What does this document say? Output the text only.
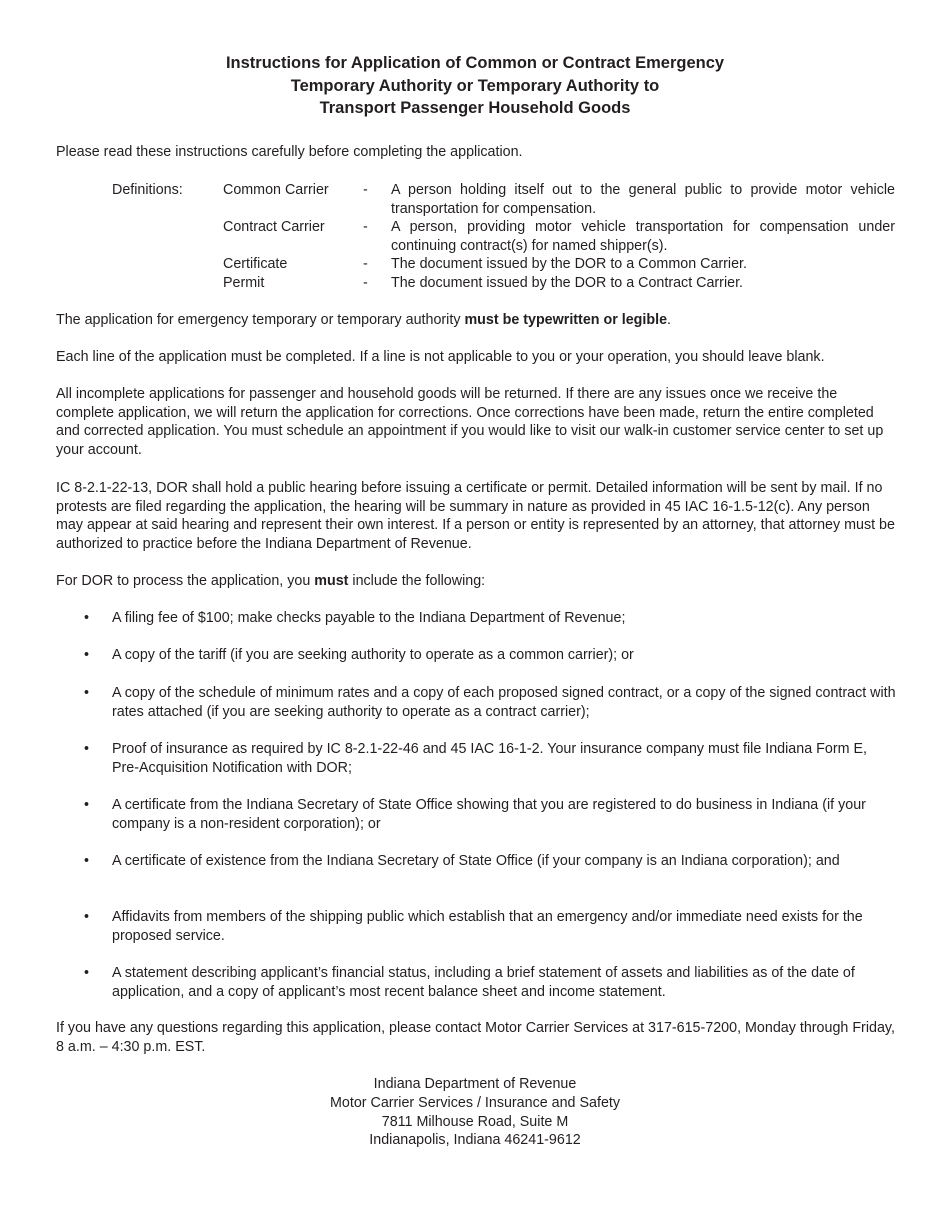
Instructions for Application of Common or Contract Emergency
Temporary Authority or Temporary Authority to
Transport Passenger Household Goods

Please read these instructions carefully before completing the application.

Definitions:	Common Carrier - A person holding itself out to the general public to provide motor vehicle transportation for compensation.
Contract Carrier	- A person, providing motor vehicle transportation for compensation under continuing contract(s) for named shipper(s).
Certificate	- The document issued by the DOR to a Common Carrier.
Permit	- The document issued by the DOR to a Contract Carrier.

The application for emergency temporary or temporary authority must be typewritten or legible.

Each line of the application must be completed. If a line is not applicable to you or your operation, you should leave blank.

All incomplete applications for passenger and household goods will be returned. If there are any issues once we receive the complete application, we will return the application for corrections. Once corrections have been made, return the entire completed and corrected application. You must schedule an appointment if you would like to visit our walk-in customer service center to set up your account.

IC 8-2.1-22-13, DOR shall hold a public hearing before issuing a certificate or permit. Detailed information will be sent by mail. If no protests are filed regarding the application, the hearing will be summary in nature as provided in 45 IAC 16-1.5-12(c). Any person may appear at said hearing and represent their own interest. If a person or entity is represented by an attorney, that attorney must be authorized to practice before the Indiana Department of Revenue.

For DOR to process the application, you must include the following:

• A filing fee of $100; make checks payable to the Indiana Department of Revenue;
• A copy of the tariff (if you are seeking authority to operate as a common carrier); or
• A copy of the schedule of minimum rates and a copy of each proposed signed contract, or a copy of the signed contract with rates attached (if you are seeking authority to operate as a contract carrier);
• Proof of insurance as required by IC 8-2.1-22-46 and 45 IAC 16-1-2. Your insurance company must file Indiana Form E, Pre-Acquisition Notification with DOR;
• A certificate from the Indiana Secretary of State Office showing that you are registered to do business in Indiana (if your company is a non-resident corporation); or
• A certificate of existence from the Indiana Secretary of State Office (if your company is an Indiana corporation); and
• Affidavits from members of the shipping public which establish that an emergency and/or immediate need exists for the proposed service.
• A statement describing applicant’s financial status, including a brief statement of assets and liabilities as of the date of application, and a copy of applicant’s most recent balance sheet and income statement.

If you have any questions regarding this application, please contact Motor Carrier Services at 317-615-7200, Monday through Friday, 8 a.m. – 4:30 p.m. EST.

Indiana Department of Revenue
Motor Carrier Services / Insurance and Safety
7811 Milhouse Road, Suite M
Indianapolis, Indiana 46241-9612
